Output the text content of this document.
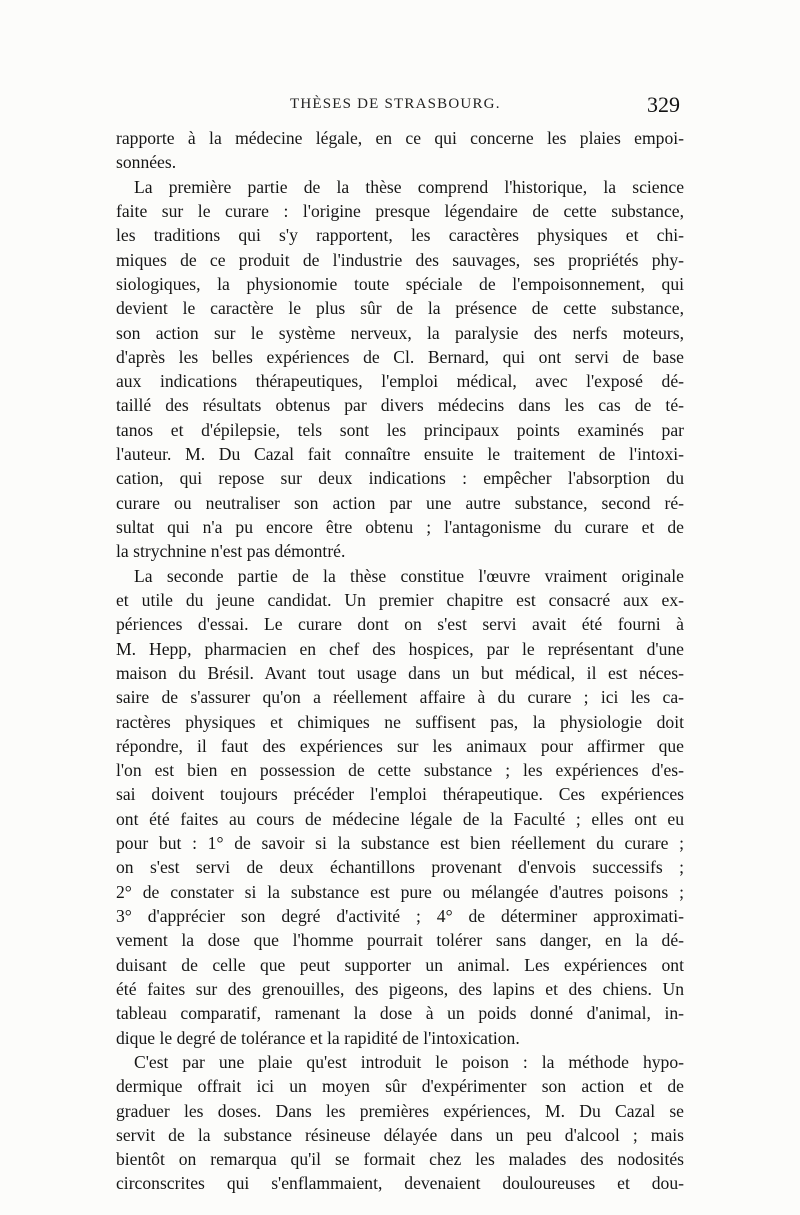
THÈSES DE STRASBOURG.	329
rapporte à la médecine légale, en ce qui concerne les plaies empoi-
sonnées.
La première partie de la thèse comprend l'historique, la science
faite sur le curare : l'origine presque légendaire de cette substance,
les traditions qui s'y rapportent, les caractères physiques et chi-
miques de ce produit de l'industrie des sauvages, ses propriétés phy-
siologiques, la physionomie toute spéciale de l'empoisonnement, qui
devient le caractère le plus sûr de la présence de cette substance,
son action sur le système nerveux, la paralysie des nerfs moteurs,
d'après les belles expériences de Cl. Bernard, qui ont servi de base
aux indications thérapeutiques, l'emploi médical, avec l'exposé dé-
taillé des résultats obtenus par divers médecins dans les cas de té-
tanos et d'épilepsie, tels sont les principaux points examinés par
l'auteur. M. Du Cazal fait connaître ensuite le traitement de l'intoxi-
cation, qui repose sur deux indications : empêcher l'absorption du
curare ou neutraliser son action par une autre substance, second ré-
sultat qui n'a pu encore être obtenu ; l'antagonisme du curare et de
la strychnine n'est pas démontré.
La seconde partie de la thèse constitue l'œuvre vraiment originale
et utile du jeune candidat. Un premier chapitre est consacré aux ex-
périences d'essai. Le curare dont on s'est servi avait été fourni à
M. Hepp, pharmacien en chef des hospices, par le représentant d'une
maison du Brésil. Avant tout usage dans un but médical, il est néces-
saire de s'assurer qu'on a réellement affaire à du curare ; ici les ca-
ractères physiques et chimiques ne suffisent pas, la physiologie doit
répondre, il faut des expériences sur les animaux pour affirmer que
l'on est bien en possession de cette substance ; les expériences d'es-
sai doivent toujours précéder l'emploi thérapeutique. Ces expériences
ont été faites au cours de médecine légale de la Faculté ; elles ont eu
pour but : 1° de savoir si la substance est bien réellement du curare ;
on s'est servi de deux échantillons provenant d'envois successifs ;
2° de constater si la substance est pure ou mélangée d'autres poisons ;
3° d'apprécier son degré d'activité ; 4° de déterminer approximati-
vement la dose que l'homme pourrait tolérer sans danger, en la dé-
duisant de celle que peut supporter un animal. Les expériences ont
été faites sur des grenouilles, des pigeons, des lapins et des chiens. Un
tableau comparatif, ramenant la dose à un poids donné d'animal, in-
dique le degré de tolérance et la rapidité de l'intoxication.
C'est par une plaie qu'est introduit le poison : la méthode hypo-
dermique offrait ici un moyen sûr d'expérimenter son action et de
graduer les doses. Dans les premières expériences, M. Du Cazal se
servit de la substance résineuse délayée dans un peu d'alcool ; mais
bientôt on remarqua qu'il se formait chez les malades des nodosités
circonscrites qui s'enflammaient, devenaient douloureuses et dou-
